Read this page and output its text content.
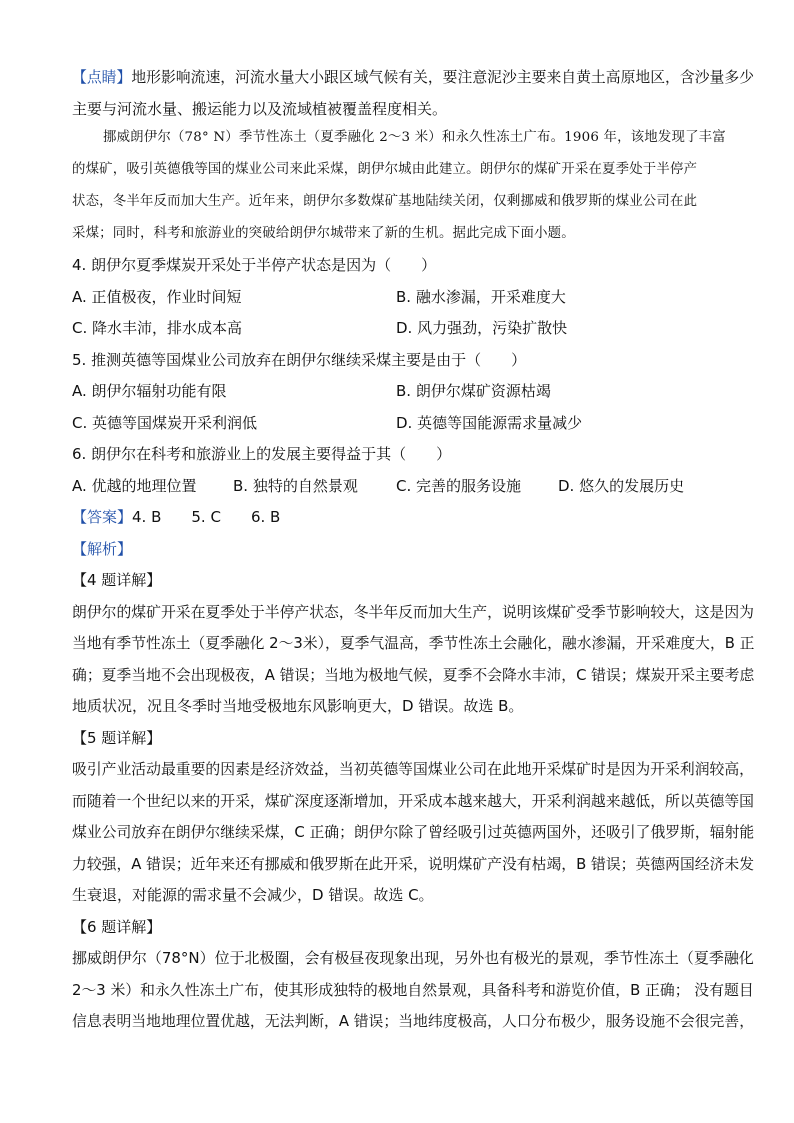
【点睛】地形影响流速，河流水量大小跟区域气候有关，要注意泥沙主要来自黄土高原地区，含沙量多少
主要与河流水量、搬运能力以及流域植被覆盖程度相关。
挪威朗伊尔（78° N）季节性冻土（夏季融化 2～3 米）和永久性冻土广布。1906 年，该地发现了丰富
的煤矿，吸引英德俄等国的煤业公司来此采煤，朗伊尔城由此建立。朗伊尔的煤矿开采在夏季处于半停产
状态，冬半年反而加大生产。近年来，朗伊尔多数煤矿基地陆续关闭，仅剩挪威和俄罗斯的煤业公司在此
采煤；同时，科考和旅游业的突破给朗伊尔城带来了新的生机。据此完成下面小题。
4. 朗伊尔夏季煤炭开采处于半停产状态是因为（　　）
A. 正值极夜，作业时间短	B. 融水渗漏，开采难度大
C. 降水丰沛，排水成本高	D. 风力强劲，污染扩散快
5. 推测英德等国煤业公司放弃在朗伊尔继续采煤主要是由于（　　）
A. 朗伊尔辐射功能有限	B. 朗伊尔煤矿资源枯竭
C. 英德等国煤炭开采利润低	D. 英德等国能源需求量减少
6. 朗伊尔在科考和旅游业上的发展主要得益于其（　　）
A. 优越的地理位置 B. 独特的自然景观	C. 完善的服务设施 D. 悠久的发展历史
【答案】4. B　　5. C　　6. B
【解析】
【4 题详解】
朗伊尔的煤矿开采在夏季处于半停产状态，冬半年反而加大生产，说明该煤矿受季节影响较大，这是因为
当地有季节性冻土（夏季融化 2～3米），夏季气温高，季节性冻土会融化，融水渗漏，开采难度大，B 正
确；夏季当地不会出现极夜，A 错误；当地为极地气候，夏季不会降水丰沛，C 错误；煤炭开采主要考虑
地质状况，况且冬季时当地受极地东风影响更大，D 错误。故选 B。
【5 题详解】
吸引产业活动最重要的因素是经济效益，当初英德等国煤业公司在此地开采煤矿时是因为开采利润较高，
而随着一个世纪以来的开采，煤矿深度逐渐增加，开采成本越来越大，开采利润越来越低，所以英德等国
煤业公司放弃在朗伊尔继续采煤，C 正确；朗伊尔除了曾经吸引过英德两国外，还吸引了俄罗斯，辐射能
力较强，A 错误；近年来还有挪威和俄罗斯在此开采，说明煤矿产没有枯竭，B 错误；英德两国经济未发
生衰退，对能源的需求量不会减少，D 错误。故选 C。
【6 题详解】
挪威朗伊尔（78°N）位于北极圈，会有极昼夜现象出现，另外也有极光的景观，季节性冻土（夏季融化
2～3 米）和永久性冻土广布，使其形成独特的极地自然景观，具备科考和游览价值，B 正确； 没有题目
信息表明当地地理位置优越，无法判断，A 错误；当地纬度极高，人口分布极少，服务设施不会很完善，
